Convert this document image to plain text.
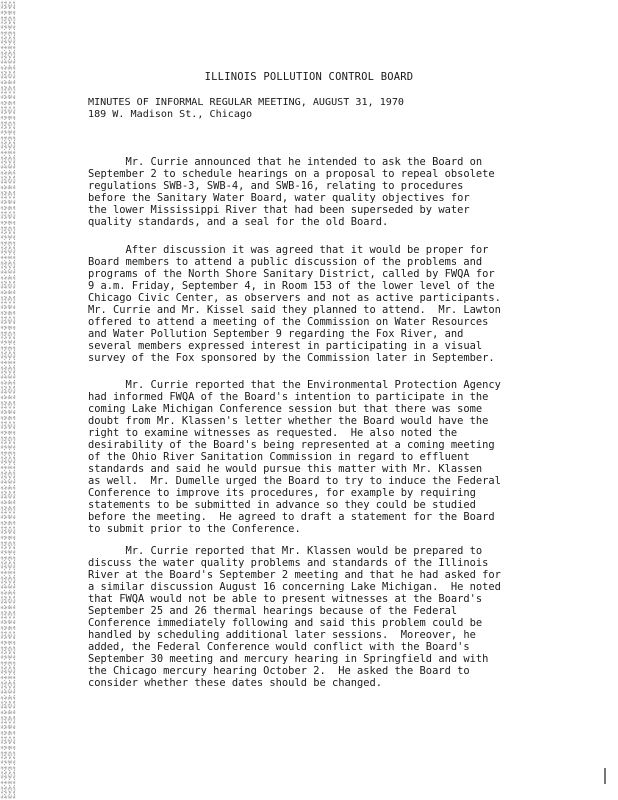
ILLINOIS POLLUTION CONTROL BOARD
MINUTES OF INFORMAL REGULAR MEETING, AUGUST 31, 1970
189 W. Madison St., Chicago
Mr. Currie announced that he intended to ask the Board on
September 2 to schedule hearings on a proposal to repeal obsolete
regulations SWB-3, SWB-4, and SWB-16, relating to procedures
before the Sanitary Water Board, water quality objectives for
the lower Mississippi River that had been superseded by water
quality standards, and a seal for the old Board.
After discussion it was agreed that it would be proper for
Board members to attend a public discussion of the problems and
programs of the North Shore Sanitary District, called by FWQA for
9 a.m. Friday, September 4, in Room 153 of the lower level of the
Chicago Civic Center, as observers and not as active participants.
Mr. Currie and Mr. Kissel said they planned to attend.  Mr. Lawton
offered to attend a meeting of the Commission on Water Resources
and Water Pollution September 9 regarding the Fox River, and
several members expressed interest in participating in a visual
survey of the Fox sponsored by the Commission later in September.
Mr. Currie reported that the Environmental Protection Agency
had informed FWQA of the Board's intention to participate in the
coming Lake Michigan Conference session but that there was some
doubt from Mr. Klassen's letter whether the Board would have the
right to examine witnesses as requested.  He also noted the
desirability of the Board's being represented at a coming meeting
of the Ohio River Sanitation Commission in regard to effluent
standards and said he would pursue this matter with Mr. Klassen
as well.  Mr. Dumelle urged the Board to try to induce the Federal
Conference to improve its procedures, for example by requiring
statements to be submitted in advance so they could be studied
before the meeting.  He agreed to draft a statement for the Board
to submit prior to the Conference.
Mr. Currie reported that Mr. Klassen would be prepared to
discuss the water quality problems and standards of the Illinois
River at the Board's September 2 meeting and that he had asked for
a similar discussion August 16 concerning Lake Michigan.  He noted
that FWQA would not be able to present witnesses at the Board's
September 25 and 26 thermal hearings because of the Federal
Conference immediately following and said this problem could be
handled by scheduling additional later sessions.  Moreover, he
added, the Federal Conference would conflict with the Board's
September 30 meeting and mercury hearing in Springfield and with
the Chicago mercury hearing October 2.  He asked the Board to
consider whether these dates should be changed.
